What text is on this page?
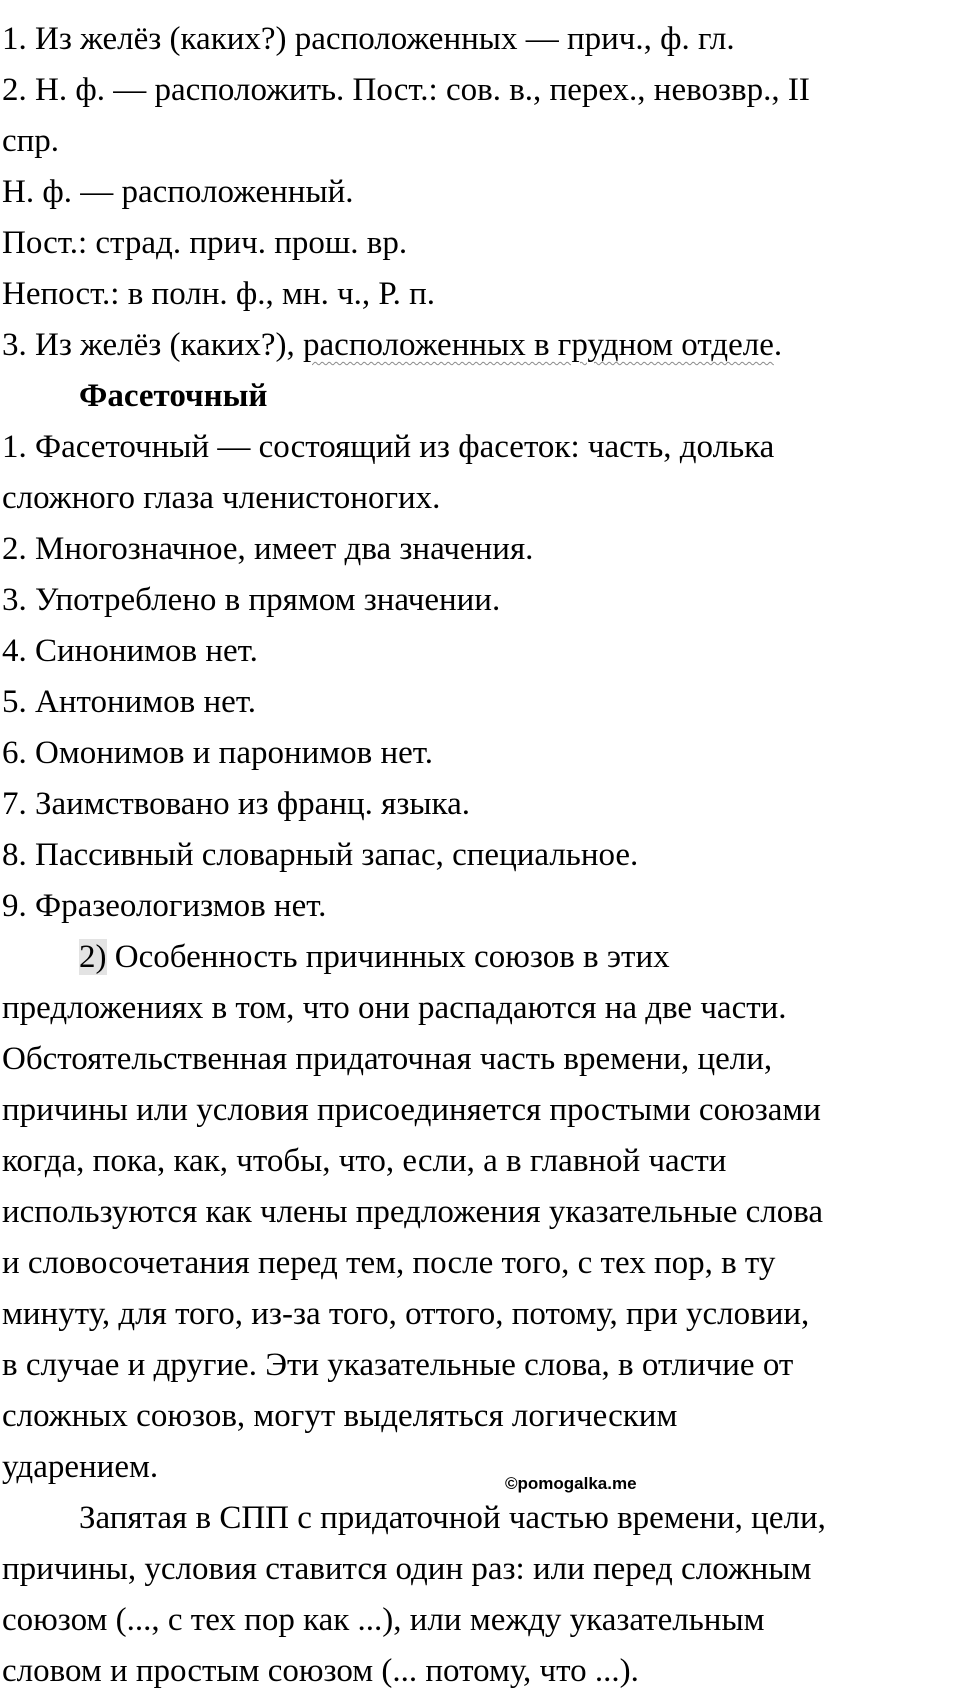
1. Из желёз (каких?) расположенных — прич., ф. гл.
2. Н. ф. — расположить. Пост.: сов. в., перех., невозвр., II
спр.
Н. ф. — расположенный.
Пост.: страд. прич. прош. вр.
Непост.: в полн. ф., мн. ч., Р. п.
3. Из желёз (каких?), расположенных в грудном отделе.
Фасеточный
1. Фасеточный — состоящий из фасеток: часть, долька
сложного глаза членистоногих.
2. Многозначное, имеет два значения.
3. Употреблено в прямом значении.
4. Синонимов нет.
5. Антонимов нет.
6. Омонимов и паронимов нет.
7. Заимствовано из франц. языка.
8. Пассивный словарный запас, специальное.
9. Фразеологизмов нет.
2) Особенность причинных союзов в этих
предложениях в том, что они распадаются на две части.
Обстоятельственная придаточная часть времени, цели,
причины или условия присоединяется простыми союзами
когда, пока, как, чтобы, что, если, а в главной части
используются как члены предложения указательные слова
и словосочетания перед тем, после того, с тех пор, в ту
минуту, для того, из-за того, оттого, потому, при условии,
в случае и другие. Эти указательные слова, в отличие от
сложных союзов, могут выделяться логическим
ударением.
Запятая в СПП с придаточной частью времени, цели,
причины, условия ставится один раз: или перед сложным
союзом (..., с тех пор как ...), или между указательным
словом и простым союзом (... потому, что ...).
©pomogalka.me
